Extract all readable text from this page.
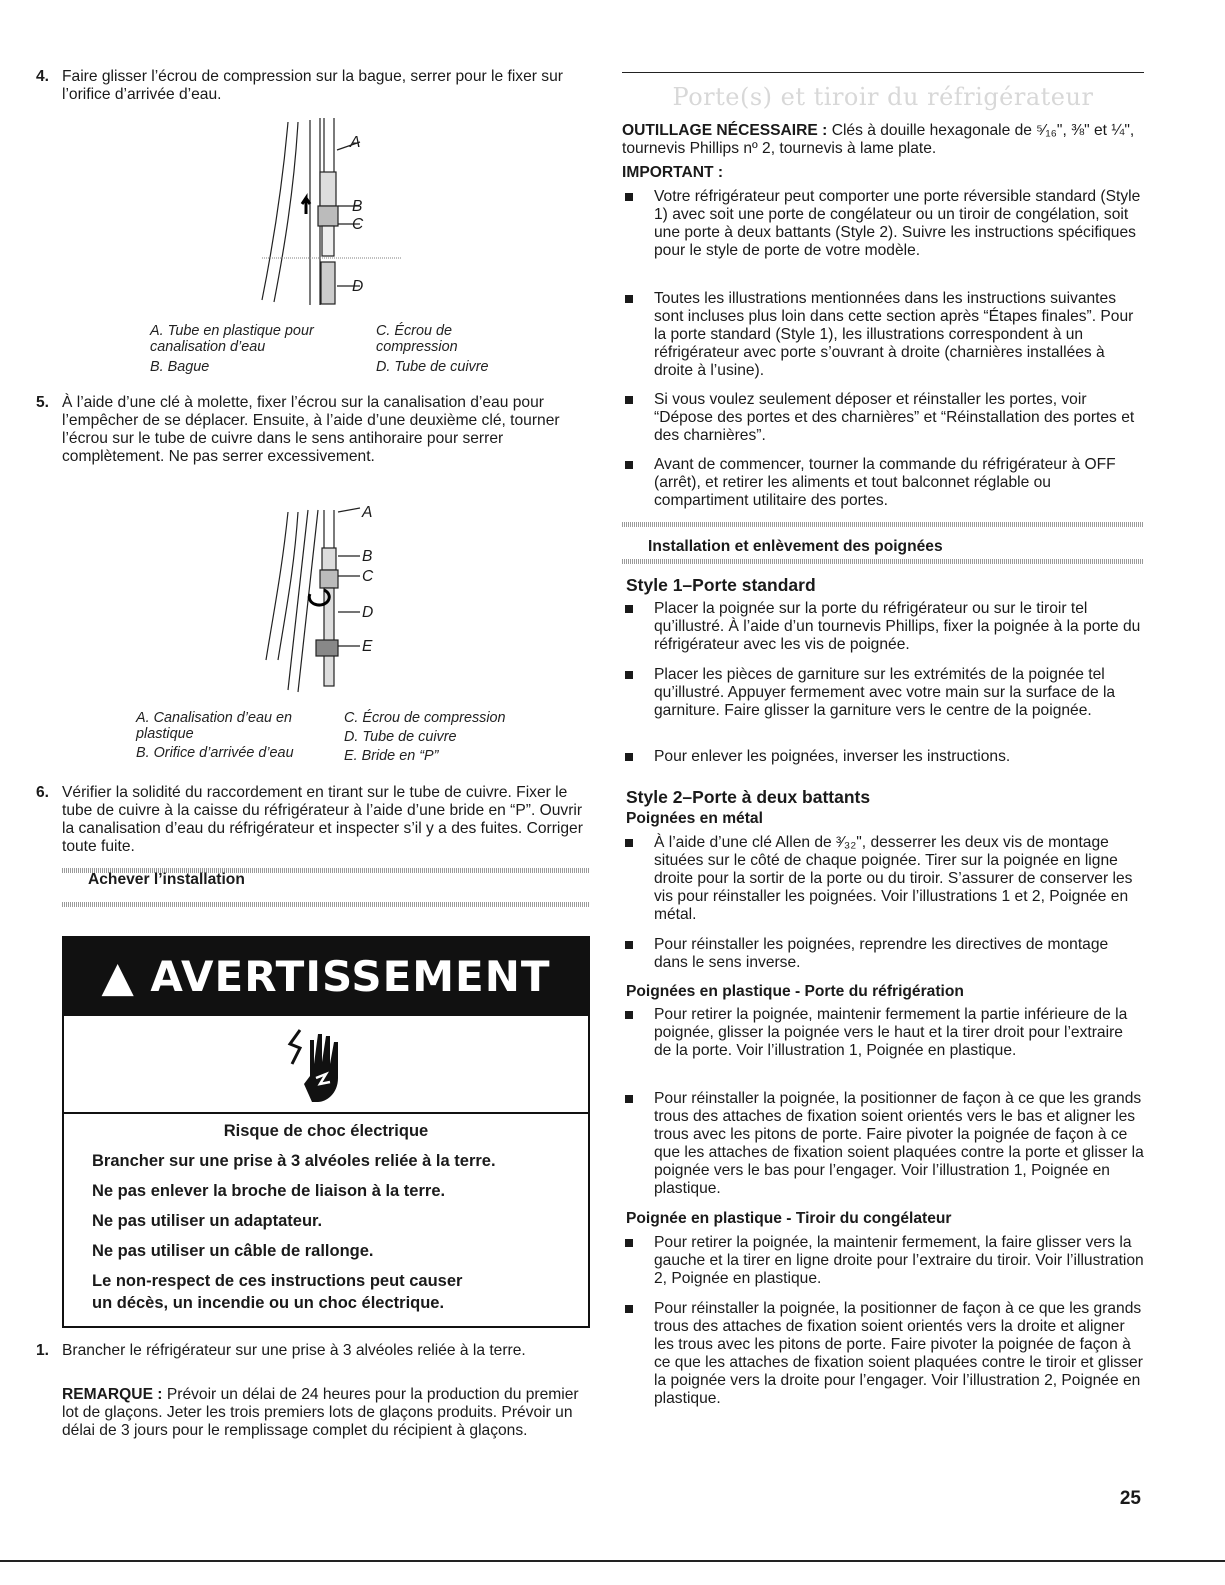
4. Faire glisser l’écrou de compression sur la bague, serrer pour le fixer sur l’orifice d’arrivée d’eau.
A
B
C
D
A. Tube en plastique pour canalisation d’eau
B. Bague
C. Écrou de compression
D. Tube de cuivre
5. À l’aide d’une clé à molette, fixer l’écrou sur la canalisation d’eau pour l’empêcher de se déplacer. Ensuite, à l’aide d’une deuxième clé, tourner l’écrou sur le tube de cuivre dans le sens antihoraire pour serrer complètement. Ne pas serrer excessivement.
A
B
C
D
E
A. Canalisation d’eau en plastique
B. Orifice d’arrivée d’eau
C. Écrou de compression
D. Tube de cuivre
E. Bride en “P”
6. Vérifier la solidité du raccordement en tirant sur le tube de cuivre. Fixer le tube de cuivre à la caisse du réfrigérateur à l’aide d’une bride en “P”. Ouvrir la canalisation d’eau du réfrigérateur et inspecter s’il y a des fuites. Corriger toute fuite.
Achever l’installation
▲ AVERTISSEMENT
Risque de choc électrique
Brancher sur une prise à 3 alvéoles reliée à la terre.
Ne pas enlever la broche de liaison à la terre.
Ne pas utiliser un adaptateur.
Ne pas utiliser un câble de rallonge.
Le non-respect de ces instructions peut causer
un décès, un incendie ou un choc électrique.
1. Brancher le réfrigérateur sur une prise à 3 alvéoles reliée à la terre.
REMARQUE : Prévoir un délai de 24 heures pour la production du premier lot de glaçons. Jeter les trois premiers lots de glaçons produits. Prévoir un délai de 3 jours pour le remplissage complet du récipient à glaçons.
Porte(s) et tiroir du réfrigérateur
OUTILLAGE NÉCESSAIRE : Clés à douille hexagonale de ⁵⁄₁₆", ⅜" et ¼", tournevis Phillips nº 2, tournevis à lame plate.
IMPORTANT :
Votre réfrigérateur peut comporter une porte réversible standard (Style 1) avec soit une porte de congélateur ou un tiroir de congélation, soit une porte à deux battants (Style 2). Suivre les instructions spécifiques pour le style de porte de votre modèle.
Toutes les illustrations mentionnées dans les instructions suivantes sont incluses plus loin dans cette section après “Étapes finales”. Pour la porte standard (Style 1), les illustrations correspondent à un réfrigérateur avec porte s’ouvrant à droite (charnières installées à droite à l’usine).
Si vous voulez seulement déposer et réinstaller les portes, voir “Dépose des portes et des charnières” et “Réinstallation des portes et des charnières”.
Avant de commencer, tourner la commande du réfrigérateur à OFF (arrêt), et retirer les aliments et tout balconnet réglable ou compartiment utilitaire des portes.
Installation et enlèvement des poignées
Style 1–Porte standard
Placer la poignée sur la porte du réfrigérateur ou sur le tiroir tel qu’illustré. À l’aide d’un tournevis Phillips, fixer la poignée à la porte du réfrigérateur avec les vis de poignée.
Placer les pièces de garniture sur les extrémités de la poignée tel qu’illustré. Appuyer fermement avec votre main sur la surface de la garniture. Faire glisser la garniture vers le centre de la poignée.
Pour enlever les poignées, inverser les instructions.
Style 2–Porte à deux battants
Poignées en métal
À l’aide d’une clé Allen de ³⁄₃₂", desserrer les deux vis de montage situées sur le côté de chaque poignée. Tirer sur la poignée en ligne droite pour la sortir de la porte ou du tiroir. S’assurer de conserver les vis pour réinstaller les poignées. Voir l’illustrations 1 et 2, Poignée en métal.
Pour réinstaller les poignées, reprendre les directives de montage dans le sens inverse.
Poignées en plastique - Porte du réfrigération
Pour retirer la poignée, maintenir fermement la partie inférieure de la poignée, glisser la poignée vers le haut et la tirer droit pour l’extraire de la porte. Voir l’illustration 1, Poignée en plastique.
Pour réinstaller la poignée, la positionner de façon à ce que les grands trous des attaches de fixation soient orientés vers le bas et aligner les trous avec les pitons de porte. Faire pivoter la poignée de façon à ce que les attaches de fixation soient plaquées contre la porte et glisser la poignée vers le bas pour l’engager. Voir l’illustration 1, Poignée en plastique.
Poignée en plastique - Tiroir du congélateur
Pour retirer la poignée, la maintenir fermement, la faire glisser vers la gauche et la tirer en ligne droite pour l’extraire du tiroir. Voir l’illustration 2, Poignée en plastique.
Pour réinstaller la poignée, la positionner de façon à ce que les grands trous des attaches de fixation soient orientés vers la droite et aligner les trous avec les pitons de porte. Faire pivoter la poignée de façon à ce que les attaches de fixation soient plaquées contre le tiroir et glisser la poignée vers la droite pour l’engager. Voir l’illustration 2, Poignée en plastique.
25
